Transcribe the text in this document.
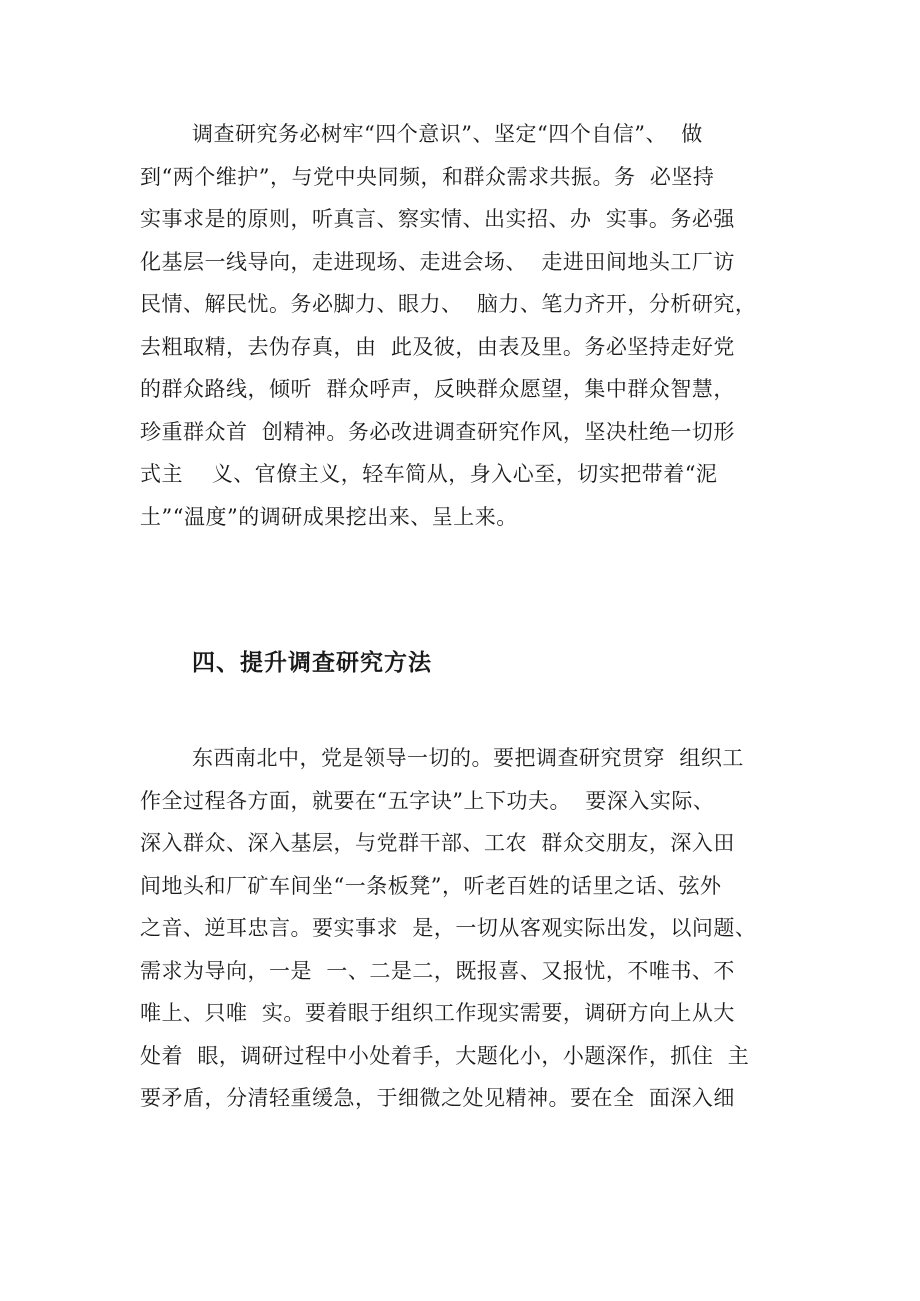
调查研究务必树牢“四个意识”、坚定“四个自信”、  做
到“两个维护”，与党中央同频，和群众需求共振。务  必坚持
实事求是的原则，听真言、察实情、出实招、办  实事。务必强
化基层一线导向，走进现场、走进会场、  走进田间地头工厂访
民情、解民忧。务必脚力、眼力、  脑力、笔力齐开，分析研究，
去粗取精，去伪存真，由  此及彼，由表及里。务必坚持走好党
的群众路线，倾听  群众呼声，反映群众愿望，集中群众智慧，
珍重群众首  创精神。务必改进调查研究作风，坚决杜绝一切形
式主    义、官僚主义，轻车简从，身入心至，切实把带着“泥
土”“温度”的调研成果挖出来、呈上来。
四、提升调查研究方法
东西南北中，党是领导一切的。要把调查研究贯穿  组织工
作全过程各方面，就要在“五字诀”上下功夫。  要深入实际、
深入群众、深入基层，与党群干部、工农  群众交朋友，深入田
间地头和厂矿车间坐“一条板凳”，听老百姓的话里之话、弦外
之音、逆耳忠言。要实事求  是，一切从客观实际出发，以问题、
需求为导向，一是  一、二是二，既报喜、又报忧，不唯书、不
唯上、只唯  实。要着眼于组织工作现实需要，调研方向上从大
处着  眼，调研过程中小处着手，大题化小，小题深作，抓住  主
要矛盾，分清轻重缓急，于细微之处见精神。要在全  面深入细
